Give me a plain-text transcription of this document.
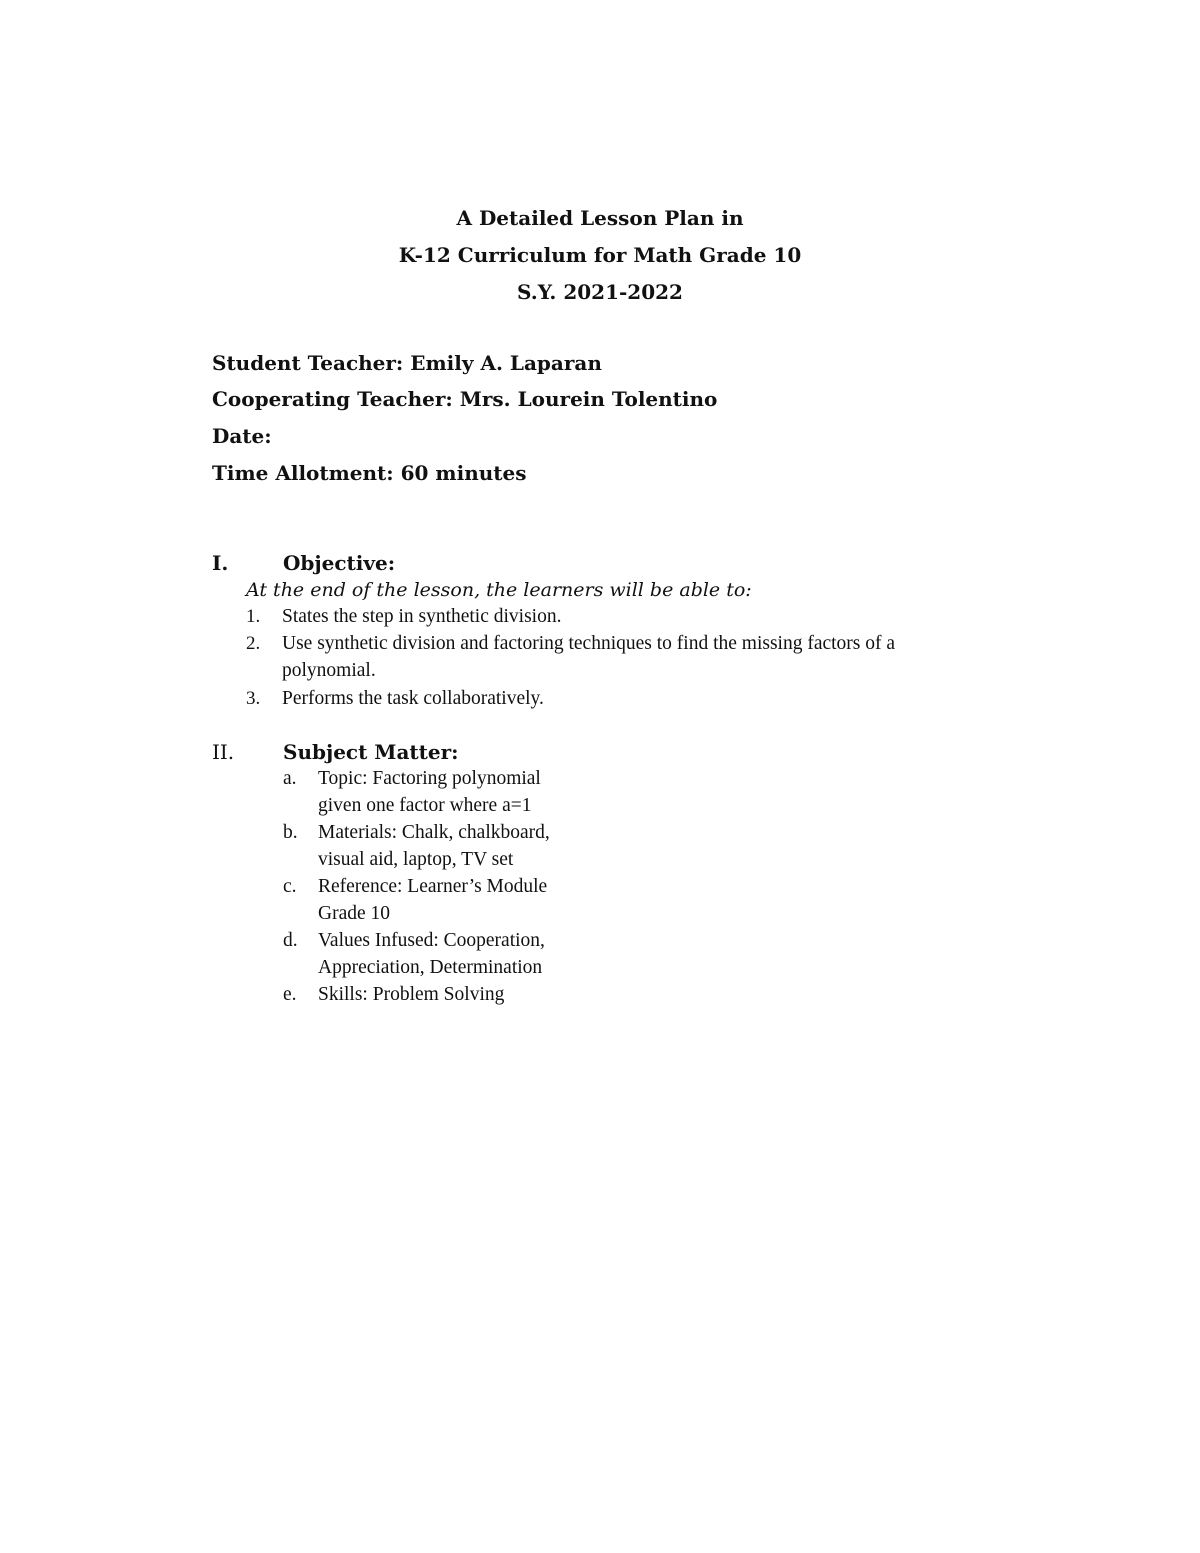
A Detailed Lesson Plan in
K-12 Curriculum for Math Grade 10
S.Y. 2021-2022
Student Teacher: Emily A. Laparan
Cooperating Teacher: Mrs. Lourein Tolentino
Date:
Time Allotment: 60 minutes
I.	Objective:
At the end of the lesson, the learners will be able to:
1. States the step in synthetic division.
2. Use synthetic division and factoring techniques to find the missing factors of a
polynomial.
3. Performs the task collaboratively.
II. Subject Matter:
a. Topic: Factoring polynomial
given one factor where a=1
b. Materials: Chalk, chalkboard,
visual aid, laptop, TV set
c. Reference: Learner’s Module
Grade 10
d. Values Infused: Cooperation,
Appreciation, Determination
e. Skills: Problem Solving
